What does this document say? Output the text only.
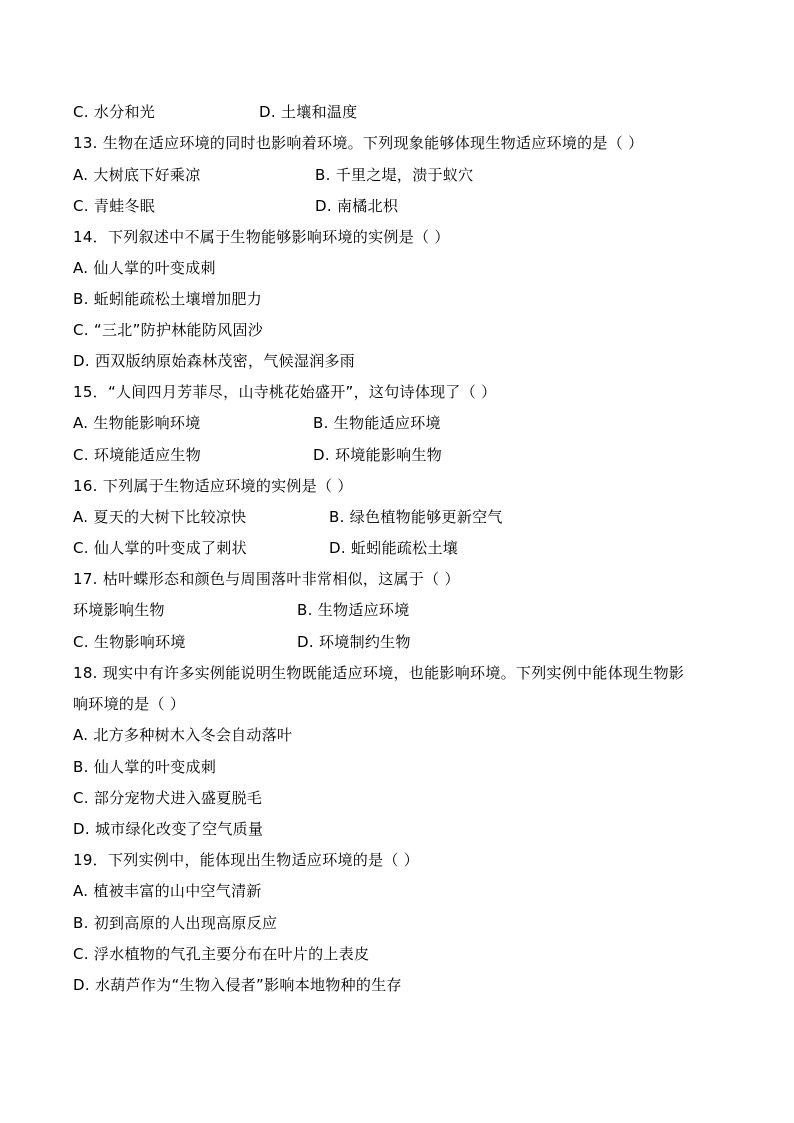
C. 水分和光	D. 土壤和温度
13. 生物在适应环境的同时也影响着环境。下列现象能够体现生物适应环境的是（ ）
A. 大树底下好乘凉	B. 千里之堤，溃于蚁穴
C. 青蛙冬眠	D. 南橘北枳
14．下列叙述中不属于生物能够影响环境的实例是（ ）
A. 仙人掌的叶变成刺
B. 蚯蚓能疏松土壤增加肥力
C. “三北”防护林能防风固沙
D. 西双版纳原始森林茂密，气候湿润多雨
15．“人间四月芳菲尽，山寺桃花始盛开”，这句诗体现了（ ）
A. 生物能影响环境	B. 生物能适应环境
C. 环境能适应生物	D. 环境能影响生物
16. 下列属于生物适应环境的实例是（ ）
A. 夏天的大树下比较凉快	B. 绿色植物能够更新空气
C. 仙人掌的叶变成了刺状	D. 蚯蚓能疏松土壤
17. 枯叶蝶形态和颜色与周围落叶非常相似，这属于（ ）
环境影响生物	B. 生物适应环境
C. 生物影响环境	D. 环境制约生物
18. 现实中有许多实例能说明生物既能适应环境，也能影响环境。下列实例中能体现生物影
响环境的是（ ）
A. 北方多种树木入冬会自动落叶
B. 仙人掌的叶变成刺
C. 部分宠物犬进入盛夏脱毛
D. 城市绿化改变了空气质量
19．下列实例中，能体现出生物适应环境的是（ ）
A. 植被丰富的山中空气清新
B. 初到高原的人出现高原反应
C. 浮水植物的气孔主要分布在叶片的上表皮
D. 水葫芦作为“生物入侵者”影响本地物种的生存
